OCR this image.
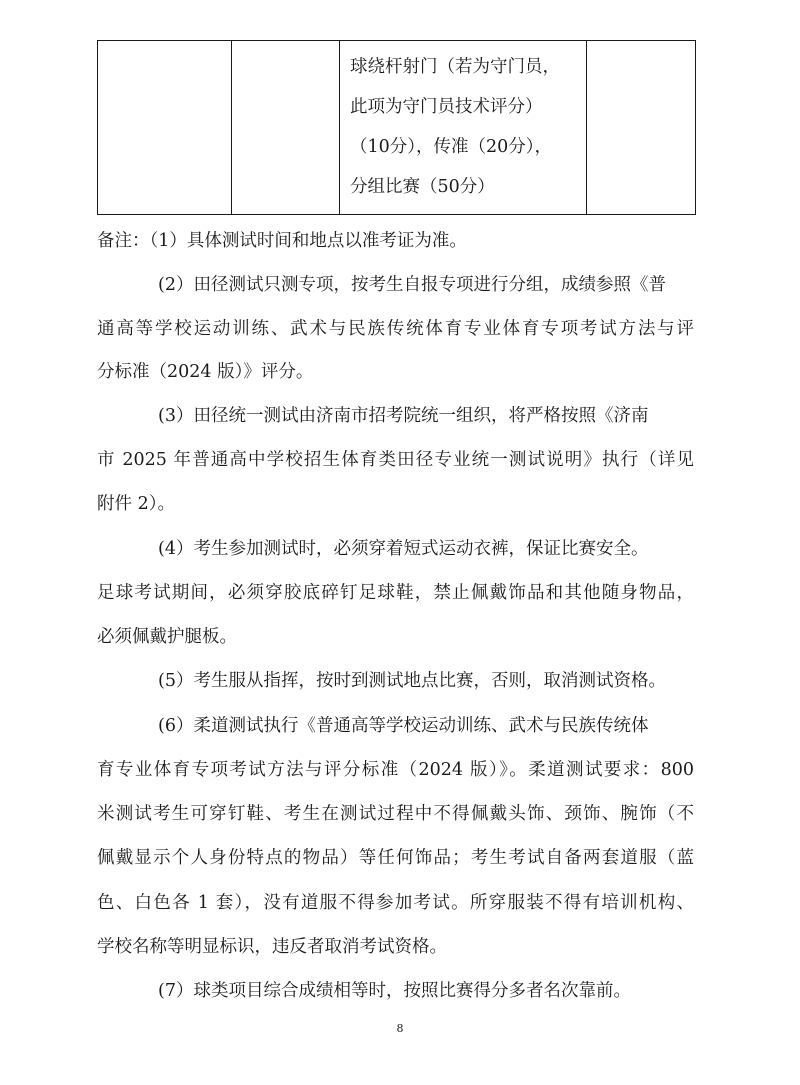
球绕杆射门（若为守门员，
此项为守门员技术评分）
（10分），传准（20分），
分组比赛（50分）

备注：（1）具体测试时间和地点以准考证为准。
(2）田径测试只测专项，按考生自报专项进行分组，成绩参照《普
通高等学校运动训练、武术与民族传统体育专业体育专项考试方法与评
分标准（2024 版）》评分。
(3）田径统一测试由济南市招考院统一组织，将严格按照《济南
市 2025 年普通高中学校招生体育类田径专业统一测试说明》执行（详见
附件 2）。
(4）考生参加测试时，必须穿着短式运动衣裤，保证比赛安全。
足球考试期间，必须穿胶底碎钉足球鞋，禁止佩戴饰品和其他随身物品，
必须佩戴护腿板。
(5）考生服从指挥，按时到测试地点比赛，否则，取消测试资格。
(6）柔道测试执行《普通高等学校运动训练、武术与民族传统体
育专业体育专项考试方法与评分标准（2024 版）》。柔道测试要求：800
米测试考生可穿钉鞋、考生在测试过程中不得佩戴头饰、颈饰、腕饰（不
佩戴显示个人身份特点的物品）等任何饰品；考生考试自备两套道服（蓝
色、白色各 1 套），没有道服不得参加考试。所穿服装不得有培训机构、
学校名称等明显标识，违反者取消考试资格。
(7）球类项目综合成绩相等时，按照比赛得分多者名次靠前。
8
